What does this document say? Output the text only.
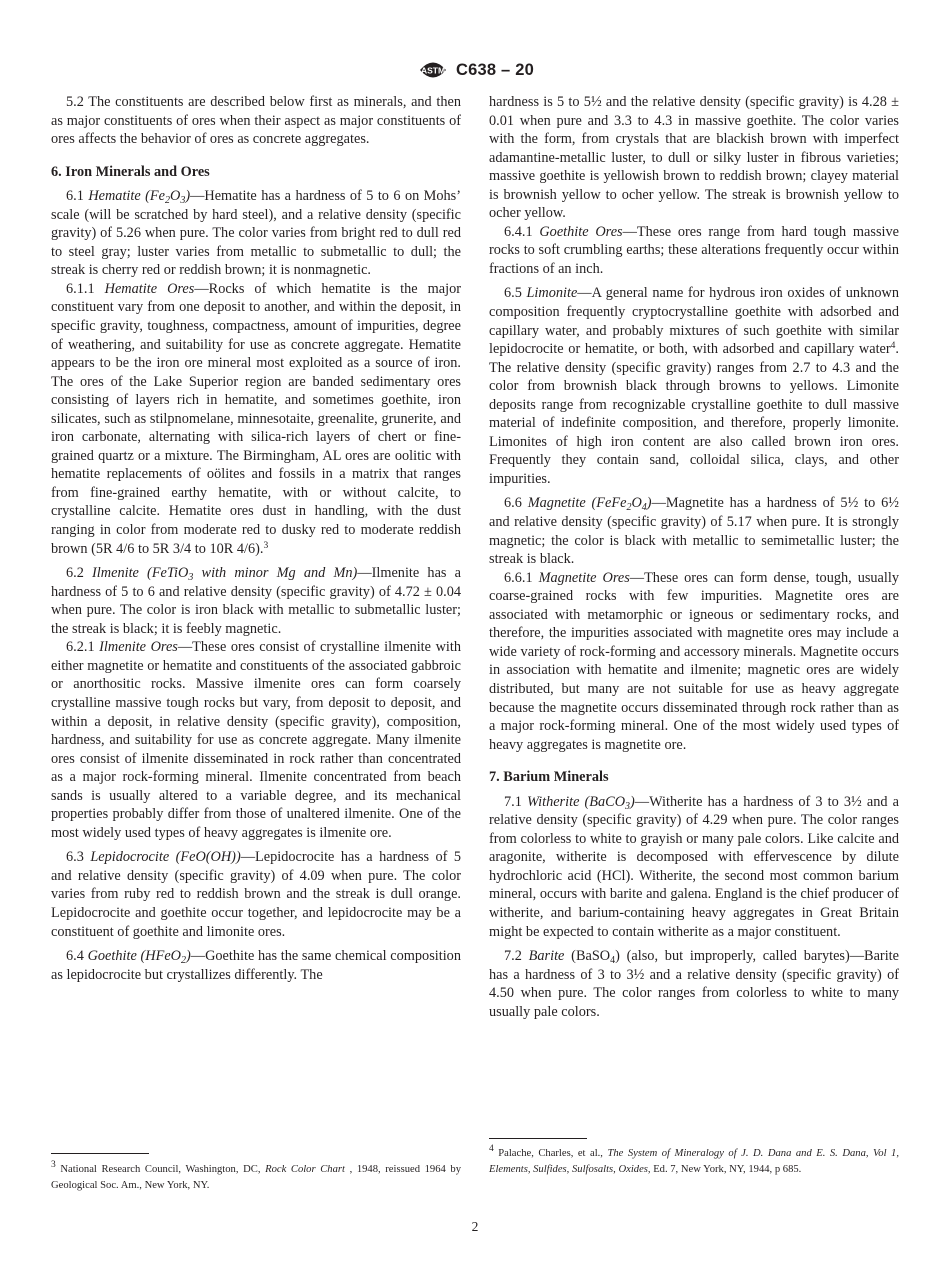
ASTM C638 – 20

5.2 The constituents are described below first as minerals, and then as major constituents of ores when their aspect as major constituents of ores affects the behavior of ores as concrete aggregates.

6. Iron Minerals and Ores

6.1 Hematite $(Fe_2O_3)—Hematite$ has a hardness of 5 to 6 on Mohs’ scale (will be scratched by hard steel), and a relative density (specific gravity) of 5.26 when pure. The color varies from bright red to dull red to steel gray; luster varies from metallic to submetallic to dull; the streak is cherry red or reddish brown; it is nonmagnetic.

6.1.1 Hematite Ores—Rocks of which hematite is the major constituent vary from one deposit to another, and within the deposit, in specific gravity, toughness, compactness, amount of impurities, degree of weathering, and suitability for use as concrete aggregate. Hematite appears to be the iron ore mineral most exploited as a source of iron. The ores of the Lake Superior region are banded sedimentary ores consisting of layers rich in hematite, and sometimes goethite, iron silicates, such as stilpnomelane, minnesotaite, greenalite, grunerite, and iron carbonate, alternating with silica-rich layers of chert or fine-grained quartz or a mixture. The Birmingham, AL ores are oolitic with hematite replacements of oölites and fossils in a matrix that ranges from fine-grained earthy hematite, with or without calcite, to crystalline calcite. Hematite ores dust in handling, with the dust ranging in color from moderate red to dusky red to moderate reddish brown (5R 4/6 to 5R 3/4 to 10R 4/6).$^3$

6.2 Ilmenite (FeTiO$_3$ with minor Mg and Mn)—Ilmenite has a hardness of 5 to 6 and relative density (specific gravity) of 4.72 ± 0.04 when pure. The color is iron black with metallic to submetallic luster; the streak is black; it is feebly magnetic.

6.2.1 Ilmenite Ores—These ores consist of crystalline ilmenite with either magnetite or hematite and constituents of the associated gabbroic or anorthositic rocks. Massive ilmenite ores can form coarsely crystalline massive tough rocks but vary, from deposit to deposit, and within a deposit, in relative density (specific gravity), composition, hardness, and suitability for use as concrete aggregate. Many ilmenite ores consist of ilmenite disseminated in rock rather than concentrated as a major rock-forming mineral. Ilmenite concentrated from beach sands is usually altered to a variable degree, and its mechanical properties probably differ from those of unaltered ilmenite. One of the most widely used types of heavy aggregates is ilmenite ore.

6.3 Lepidocrocite (FeO(OH))—Lepidocrocite has a hardness of 5 and relative density (specific gravity) of 4.09 when pure. The color varies from ruby red to reddish brown and the streak is dull orange. Lepidocrocite and goethite occur together, and lepidocrocite may be a constituent of goethite and limonite ores.

6.4 Goethite (HFeO$_2$)—Goethite has the same chemical composition as lepidocrocite but crystallizes differently. The

hardness is 5 to 5½ and the relative density (specific gravity) is 4.28 ± 0.01 when pure and 3.3 to 4.3 in massive goethite. The color varies with the form, from crystals that are blackish brown with imperfect adamantine-metallic luster, to dull or silky luster in fibrous varieties; massive goethite is yellowish brown to reddish brown; clayey material is brownish yellow to ocher yellow. The streak is brownish yellow to ocher yellow.

6.4.1 Goethite Ores—These ores range from hard tough massive rocks to soft crumbling earths; these alterations frequently occur within fractions of an inch.

6.5 Limonite—A general name for hydrous iron oxides of unknown composition frequently cryptocrystalline goethite with adsorbed and capillary water, and probably mixtures of such goethite with similar lepidocrocite or hematite, or both, with adsorbed and capillary water$^4$. The relative density (specific gravity) ranges from 2.7 to 4.3 and the color from brownish black through browns to yellows. Limonite deposits range from recognizable crystalline goethite to dull massive material of indefinite composition, and therefore, properly limonite. Limonites of high iron content are also called brown iron ores. Frequently they contain sand, colloidal silica, clays, and other impurities.

6.6 Magnetite $(FeFe_2O_4)—Magnetite$ has a hardness of 5½ to 6½ and relative density (specific gravity) of 5.17 when pure. It is strongly magnetic; the color is black with metallic to semimetallic luster; the streak is black.

6.6.1 Magnetite Ores—These ores can form dense, tough, usually coarse-grained rocks with few impurities. Magnetite ores are associated with metamorphic or igneous or sedimentary rocks, and therefore, the impurities associated with magnetite ores may include a wide variety of rock-forming and accessory minerals. Magnetite occurs in association with hematite and ilmenite; magnetic ores are widely distributed, but many are not suitable for use as heavy aggregate because the magnetite occurs disseminated through rock rather than as a major rock-forming mineral. One of the most widely used types of heavy aggregates is magnetite ore.

7. Barium Minerals

7.1 Witherite (BaCO$_3$)—Witherite has a hardness of 3 to 3½ and a relative density (specific gravity) of 4.29 when pure. The color ranges from colorless to white to grayish or many pale colors. Like calcite and aragonite, witherite is decomposed with effervescence by dilute hydrochloric acid (HCl). Witherite, the second most common barium mineral, occurs with barite and galena. England is the chief producer of witherite, and barium-containing heavy aggregates in Great Britain might be expected to contain witherite as a major constituent.

7.2 Barite (BaSO$_4$) (also, but improperly, called barytes)—Barite has a hardness of 3 to 3½ and a relative density (specific gravity) of 4.50 when pure. The color ranges from colorless to white to many usually pale colors.

$^3$ National Research Council, Washington, DC, Rock Color Chart , 1948, reissued 1964 by Geological Soc. Am., New York, NY.
$^4$ Palache, Charles, et al., The System of Mineralogy of J. D. Dana and E. S. Dana, Vol 1, Elements, Sulfides, Sulfosalts, Oxides, Ed. 7, New York, NY, 1944, p 685.
2
